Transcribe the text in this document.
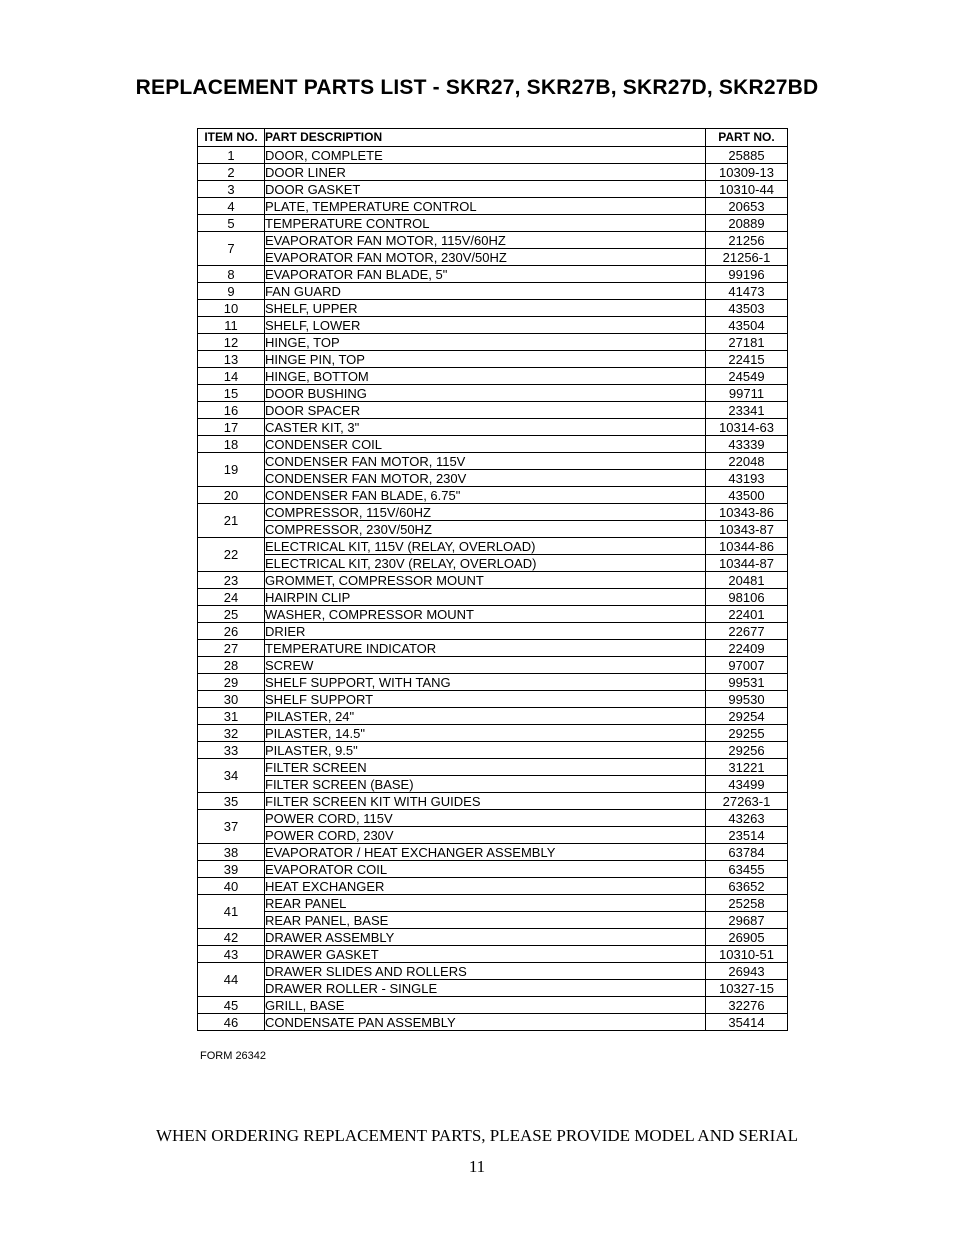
REPLACEMENT PARTS LIST - SKR27, SKR27B, SKR27D, SKR27BD
ITEM NO.	PART DESCRIPTION	PART NO.
1	DOOR, COMPLETE	25885
2	DOOR LINER	10309-13
3	DOOR GASKET	10310-44
4	PLATE, TEMPERATURE CONTROL	20653
5	TEMPERATURE CONTROL	20889
7	EVAPORATOR FAN MOTOR, 115V/60HZ	21256
	EVAPORATOR FAN MOTOR, 230V/50HZ	21256-1
8	EVAPORATOR FAN BLADE, 5"	99196
9	FAN GUARD	41473
10	SHELF, UPPER	43503
11	SHELF, LOWER	43504
12	HINGE, TOP	27181
13	HINGE PIN, TOP	22415
14	HINGE, BOTTOM	24549
15	DOOR BUSHING	99711
16	DOOR SPACER	23341
17	CASTER KIT, 3"	10314-63
18	CONDENSER COIL	43339
19	CONDENSER FAN MOTOR, 115V	22048
	CONDENSER FAN MOTOR, 230V	43193
20	CONDENSER FAN BLADE, 6.75"	43500
21	COMPRESSOR, 115V/60HZ	10343-86
	COMPRESSOR, 230V/50HZ	10343-87
22	ELECTRICAL KIT, 115V (RELAY, OVERLOAD)	10344-86
	ELECTRICAL KIT, 230V (RELAY, OVERLOAD)	10344-87
23	GROMMET, COMPRESSOR MOUNT	20481
24	HAIRPIN CLIP	98106
25	WASHER, COMPRESSOR MOUNT	22401
26	DRIER	22677
27	TEMPERATURE INDICATOR	22409
28	SCREW	97007
29	SHELF SUPPORT, WITH TANG	99531
30	SHELF SUPPORT	99530
31	PILASTER, 24"	29254
32	PILASTER, 14.5"	29255
33	PILASTER, 9.5"	29256
34	FILTER SCREEN	31221
	FILTER SCREEN (BASE)	43499
35	FILTER SCREEN KIT WITH GUIDES	27263-1
37	POWER CORD, 115V	43263
	POWER CORD, 230V	23514
38	EVAPORATOR / HEAT EXCHANGER ASSEMBLY	63784
39	EVAPORATOR COIL	63455
40	HEAT EXCHANGER	63652
41	REAR PANEL	25258
	REAR PANEL, BASE	29687
42	DRAWER ASSEMBLY	26905
43	DRAWER GASKET	10310-51
44	DRAWER SLIDES AND ROLLERS	26943
	DRAWER ROLLER - SINGLE	10327-15
45	GRILL, BASE	32276
46	CONDENSATE PAN ASSEMBLY	35414
FORM 26342
WHEN ORDERING REPLACEMENT PARTS, PLEASE PROVIDE MODEL AND SERIAL
11
